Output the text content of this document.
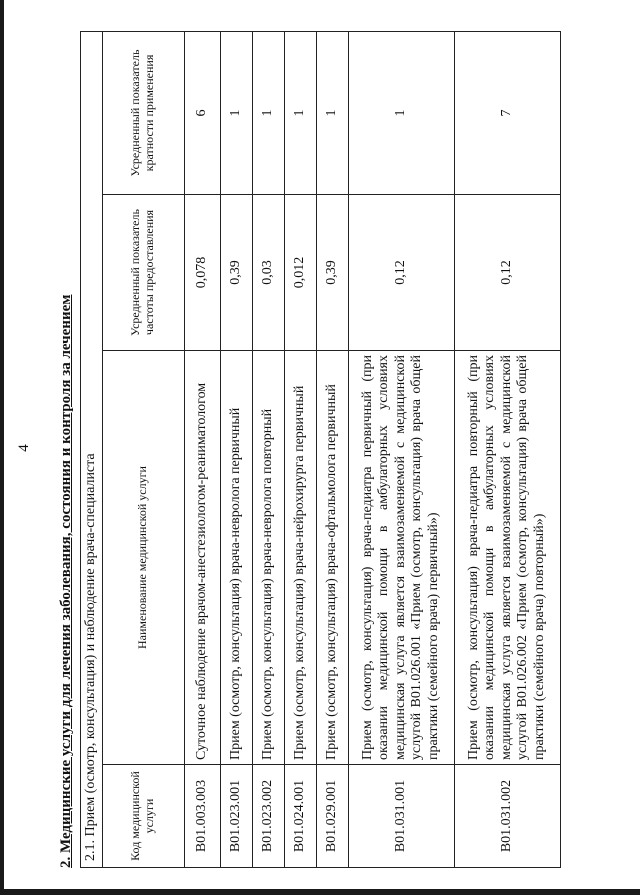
4 2. Медицинские услуги для лечения заболевания, состояния и контроля за лечением 2.1. Прием (осмотр, консультация) и наблюдение врача-специалиста			
Код медицинской услуги	Наименование медицинской услуги	Усредненный показатель частоты предоставления	Усредненный показатель кратности применения
B01.003.003	Суточное наблюдение врачом-анестезиологом-реаниматологом	0,078	6
B01.023.001	Прием (осмотр, консультация) врача-невролога первичный	0,39	1
B01.023.002	Прием (осмотр, консультация) врача-невролога повторный	0,03	1
B01.024.001	Прием (осмотр, консультация) врача-нейрохирурга первичный	0,012	1
B01.029.001	Прием (осмотр, консультация) врача-офтальмолога первичный	0,39	1
B01.031.001	Прием (осмотр, консультация) врача-педиатра первичный (при оказании медицинской помощи в амбулаторных условиях медицинская услуга является взаимозаменяемой с медицинской услугой B01.026.001 «Прием (осмотр, консультация) врача общей практики (семейного врача) первичный»)	0,12	1
B01.031.002	Прием (осмотр, консультация) врача-педиатра повторный (при оказании медицинской помощи в амбулаторных условиях медицинская услуга является взаимозаменяемой с медицинской услугой B01.026.002 «Прием (осмотр, консультация) врача общей практики (семейного врача) повторный»)	0,12	7
